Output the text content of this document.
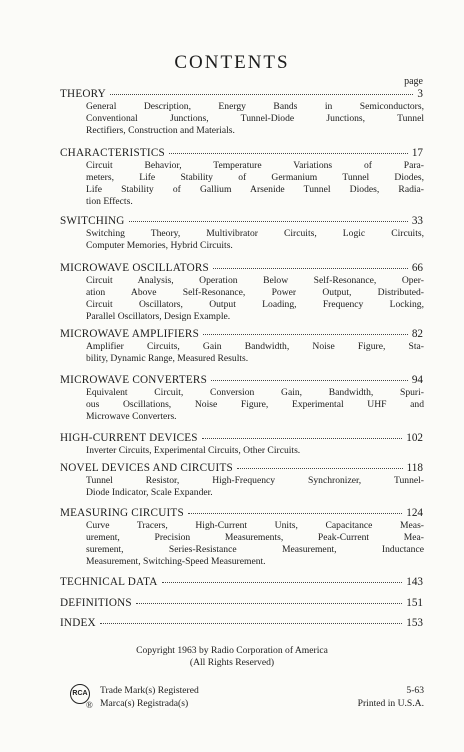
CONTENTS
page
THEORY	3
General Description, Energy Bands in Semiconductors,
Conventional Junctions, Tunnel-Diode Junctions, Tunnel
Rectifiers, Construction and Materials.
CHARACTERISTICS	17
Circuit Behavior, Temperature Variations of Para-
meters, Life Stability of Germanium Tunnel Diodes,
Life Stability of Gallium Arsenide Tunnel Diodes, Radia-
tion Effects.
SWITCHING	33
Switching Theory, Multivibrator Circuits, Logic Circuits,
Computer Memories, Hybrid Circuits.
MICROWAVE OSCILLATORS	66
Circuit Analysis, Operation Below Self-Resonance, Oper-
ation Above Self-Resonance, Power Output, Distributed-
Circuit Oscillators, Output Loading, Frequency Locking,
Parallel Oscillators, Design Example.
MICROWAVE AMPLIFIERS	82
Amplifier Circuits, Gain Bandwidth, Noise Figure, Sta-
bility, Dynamic Range, Measured Results.
MICROWAVE CONVERTERS	94
Equivalent Circuit, Conversion Gain, Bandwidth, Spuri-
ous Oscillations, Noise Figure, Experimental UHF and
Microwave Converters.
HIGH-CURRENT DEVICES	102
Inverter Circuits, Experimental Circuits, Other Circuits.
NOVEL DEVICES AND CIRCUITS	118
Tunnel Resistor, High-Frequency Synchronizer, Tunnel-
Diode Indicator, Scale Expander.
MEASURING CIRCUITS	124
Curve Tracers, High-Current Units, Capacitance Meas-
urement, Precision Measurements, Peak-Current Mea-
surement, Series-Resistance Measurement, Inductance
Measurement, Switching-Speed Measurement.
TECHNICAL DATA	143
DEFINITIONS	151
INDEX	153
Copyright 1963 by Radio Corporation of America
(All Rights Reserved)
RCA
®
Trade Mark(s) Registered
Marca(s) Registrada(s)
5-63
Printed in U.S.A.
